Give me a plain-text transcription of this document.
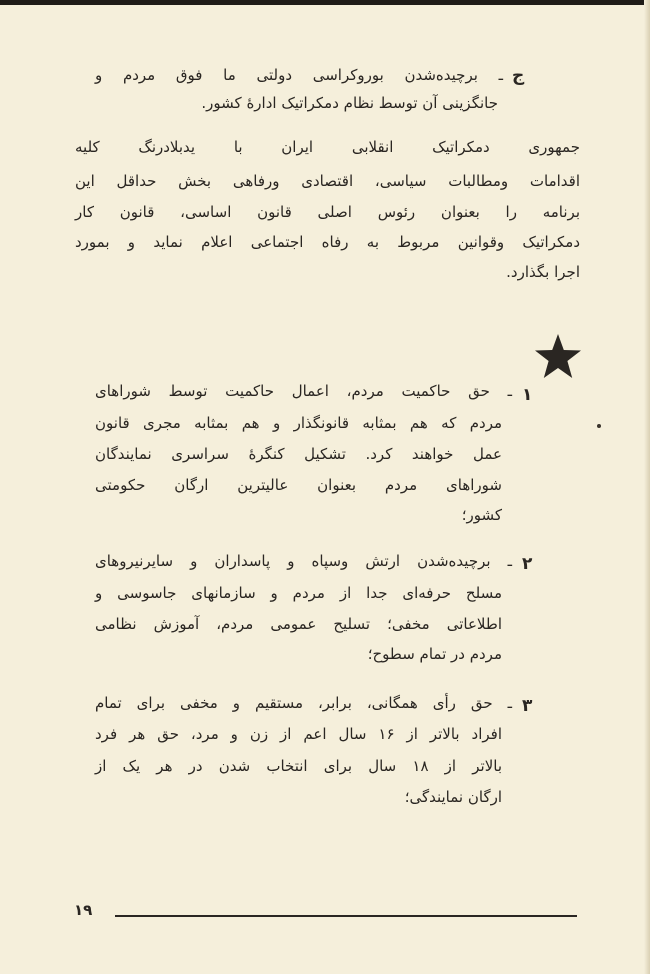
ج
ـ برچیده‌شدن بوروکراسی دولتی ما فوق مردم و
جانگزینی آن توسط نظام دمکراتیک ادارهٔ کشور.
جمهوری دمکراتیک انقلابی ایران با یدبلادرنگ کلیه
اقدامات ومطالبات سیاسی، اقتصادی ورفاهی بخش حداقل این
برنامه را بعنوان رئوس اصلی قانون اساسی، قانون کار
دمکراتیک وقوانین مربوط به رفاه اجتماعی اعلام نماید و بمورد
اجرا بگذارد.
۱
ـ حق حاکمیت مردم، اعمال حاکمیت توسط شوراهای
مردم که هم بمثابه قانونگذار و هم بمثابه مجری قانون
عمل خواهند کرد. تشکیل کنگرهٔ سراسری نمایندگان
شوراهای مردم بعنوان عالیترین ارگان حکومتی
کشور؛
۲
ـ برچیده‌شدن ارتش وسپاه و پاسداران و سایرنیروهای
مسلح حرفه‌ای جدا از مردم و سازمانهای جاسوسی و
اطلاعاتی مخفی؛ تسلیح عمومی مردم، آموزش نظامی
مردم در تمام سطوح؛
۳
ـ حق رأی همگانی، برابر، مستقیم و مخفی برای تمام
افراد بالاتر از ۱۶ سال اعم از زن و مرد، حق هر فرد
بالاتر از ۱۸ سال برای انتخاب شدن در هر یک از
ارگان نمایندگی؛
۱۹
